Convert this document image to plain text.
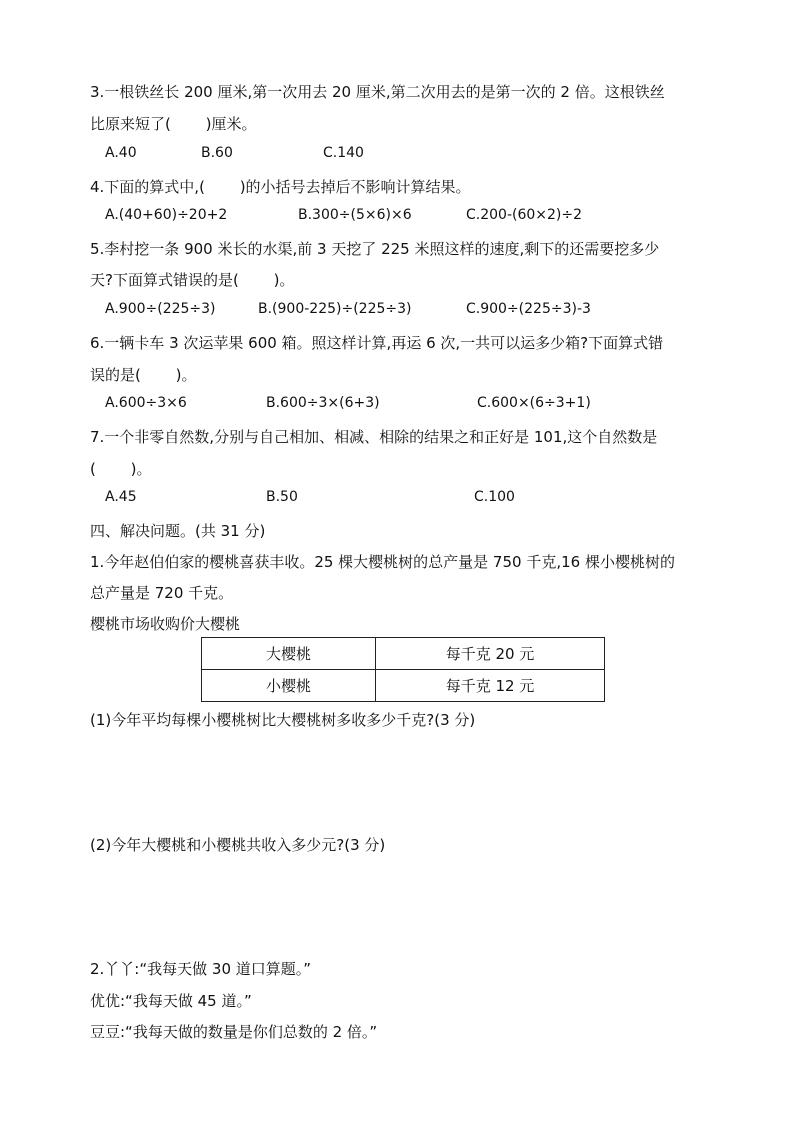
3.一根铁丝长 200 厘米,第一次用去 20 厘米,第二次用去的是第一次的 2 倍。这根铁丝
比原来短了(　　 )厘米。
A.40	B.60	C.140
4.下面的算式中,(　　 )的小括号去掉后不影响计算结果。
A.(40+60)÷20+2	B.300÷(5×6)×6	C.200-(60×2)÷2
5.李村挖一条 900 米长的水渠,前 3 天挖了 225 米照这样的速度,剩下的还需要挖多少
天?下面算式错误的是(　　 )。
A.900÷(225÷3)	B.(900-225)÷(225÷3)	C.900÷(225÷3)-3
6.一辆卡车 3 次运苹果 600 箱。照这样计算,再运 6 次,一共可以运多少箱?下面算式错
误的是(　　 )。
A.600÷3×6	B.600÷3×(6+3)	C.600×(6÷3+1)
7.一个非零自然数,分别与自己相加、相减、相除的结果之和正好是 101,这个自然数是
(　　 )。
A.45	B.50	C.100
四、解决问题。(共 31 分)
1.今年赵伯伯家的樱桃喜获丰收。25 棵大樱桃树的总产量是 750 千克,16 棵小樱桃树的
总产量是 720 千克。
樱桃市场收购价大樱桃
大樱桃	每千克 20 元
小樱桃	每千克 12 元
(1)今年平均每棵小樱桃树比大樱桃树多收多少千克?(3 分)
(2)今年大樱桃和小樱桃共收入多少元?(3 分)
2.丫丫:“我每天做 30 道口算题。”
优优:“我每天做 45 道。”
豆豆:“我每天做的数量是你们总数的 2 倍。”
